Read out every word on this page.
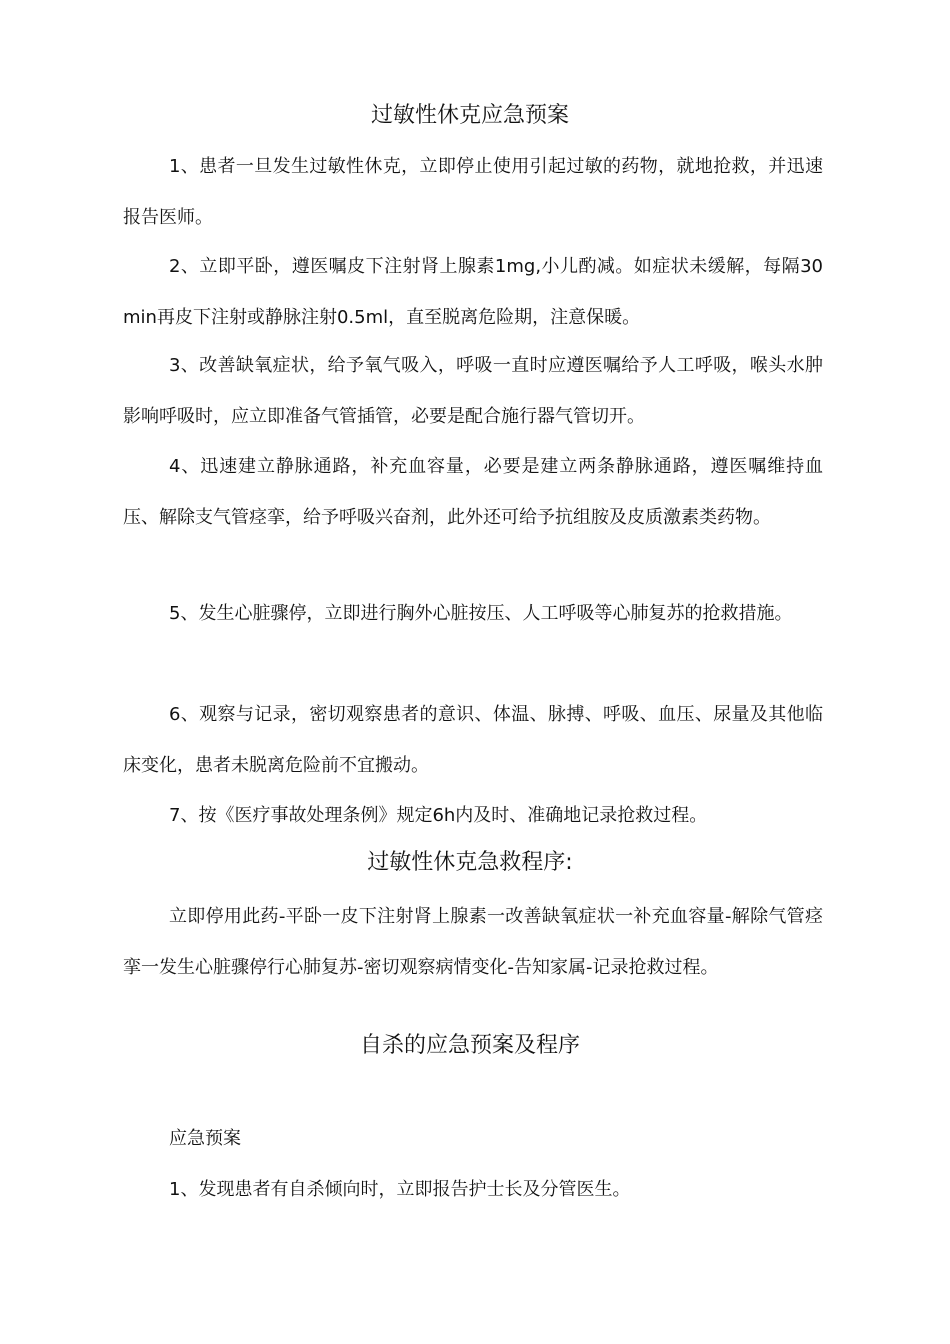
过敏性休克应急预案
1、患者一旦发生过敏性休克，立即停止使用引起过敏的药物，就地抢救，并迅速报告医师。
2、立即平卧，遵医嘱皮下注射肾上腺素1mg,小儿酌减。如症状未缓解，每隔30min再皮下注射或静脉注射0.5ml，直至脱离危险期，注意保暖。
3、改善缺氧症状，给予氧气吸入，呼吸一直时应遵医嘱给予人工呼吸，喉头水肿影响呼吸时，应立即准备气管插管，必要是配合施行器气管切开。
4、迅速建立静脉通路，补充血容量，必要是建立两条静脉通路，遵医嘱维持血压、解除支气管痉挛，给予呼吸兴奋剂，此外还可给予抗组胺及皮质激素类药物。
5、发生心脏骤停，立即进行胸外心脏按压、人工呼吸等心肺复苏的抢救措施。
6、观察与记录，密切观察患者的意识、体温、脉搏、呼吸、血压、尿量及其他临床变化，患者未脱离危险前不宜搬动。
7、按《医疗事故处理条例》规定6h内及时、准确地记录抢救过程。
过敏性休克急救程序:
立即停用此药-平卧一皮下注射肾上腺素一改善缺氧症状一补充血容量-解除气管痉挛一发生心脏骤停行心肺复苏-密切观察病情变化-告知家属-记录抢救过程。
自杀的应急预案及程序
应急预案
1、发现患者有自杀倾向时，立即报告护士长及分管医生。
